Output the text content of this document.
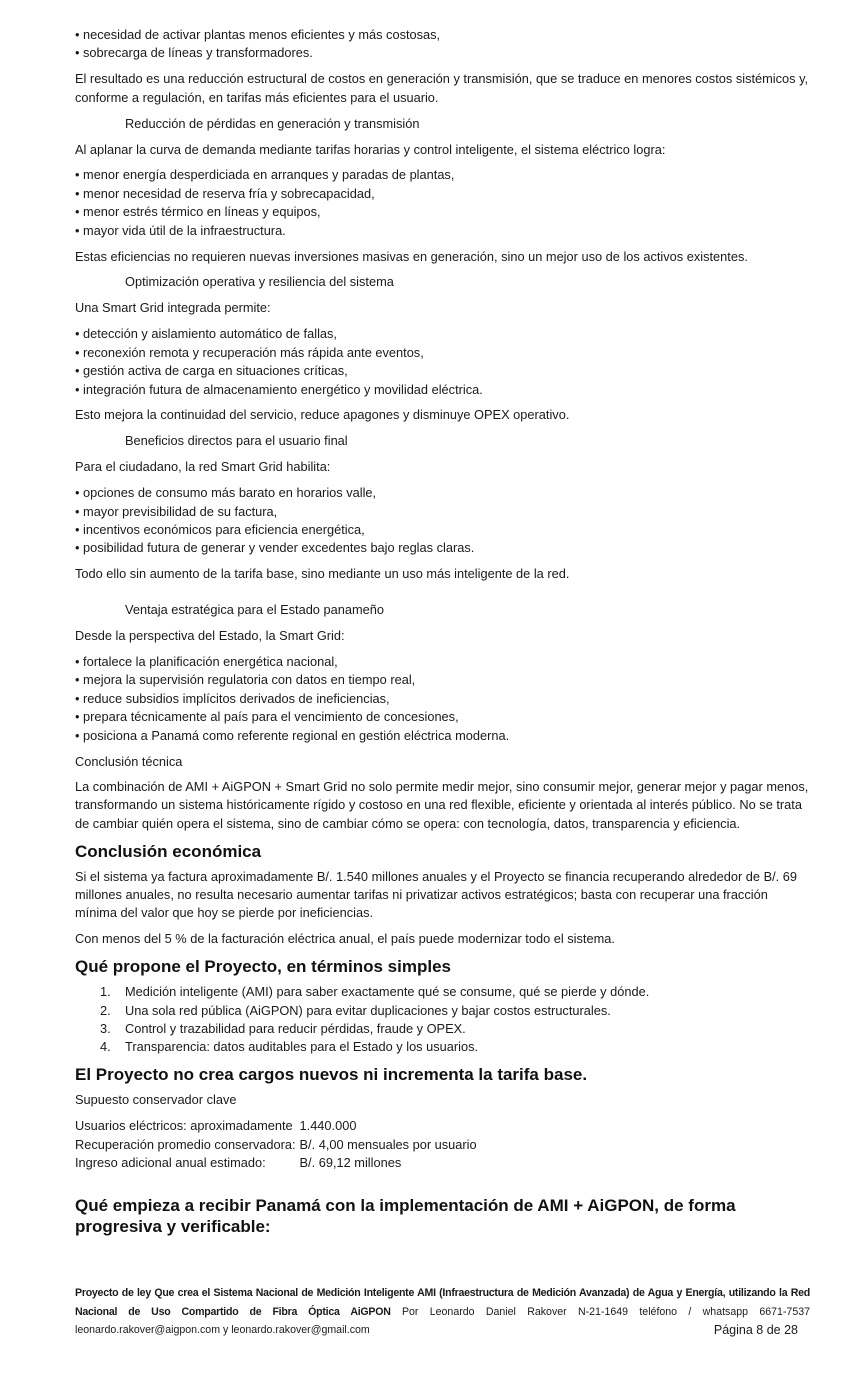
• necesidad de activar plantas menos eficientes y más costosas,
• sobrecarga de líneas y transformadores.

El resultado es una reducción estructural de costos en generación y transmisión, que se traduce en menores costos sistémicos y, conforme a regulación, en tarifas más eficientes para el usuario.

Reducción de pérdidas en generación y transmisión

Al aplanar la curva de demanda mediante tarifas horarias y control inteligente, el sistema eléctrico logra:

• menor energía desperdiciada en arranques y paradas de plantas,
• menor necesidad de reserva fría y sobrecapacidad,
• menor estrés térmico en líneas y equipos,
• mayor vida útil de la infraestructura.

Estas eficiencias no requieren nuevas inversiones masivas en generación, sino un mejor uso de los activos existentes.

Optimización operativa y resiliencia del sistema

Una Smart Grid integrada permite:

• detección y aislamiento automático de fallas,
• reconexión remota y recuperación más rápida ante eventos,
• gestión activa de carga en situaciones críticas,
• integración futura de almacenamiento energético y movilidad eléctrica.

Esto mejora la continuidad del servicio, reduce apagones y disminuye OPEX operativo.

Beneficios directos para el usuario final

Para el ciudadano, la red Smart Grid habilita:

• opciones de consumo más barato en horarios valle,
• mayor previsibilidad de su factura,
• incentivos económicos para eficiencia energética,
• posibilidad futura de generar y vender excedentes bajo reglas claras.

Todo ello sin aumento de la tarifa base, sino mediante un uso más inteligente de la red.

Ventaja estratégica para el Estado panameño

Desde la perspectiva del Estado, la Smart Grid:

• fortalece la planificación energética nacional,
• mejora la supervisión regulatoria con datos en tiempo real,
• reduce subsidios implícitos derivados de ineficiencias,
• prepara técnicamente al país para el vencimiento de concesiones,
• posiciona a Panamá como referente regional en gestión eléctrica moderna.
Conclusión técnica

La combinación de AMI + AiGPON + Smart Grid no solo permite medir mejor, sino consumir mejor, generar mejor y pagar menos, transformando un sistema históricamente rígido y costoso en una red flexible, eficiente y orientada al interés público. No se trata de cambiar quién opera el sistema, sino de cambiar cómo se opera: con tecnología, datos, transparencia y eficiencia.

Conclusión económica

Si el sistema ya factura aproximadamente B/. 1.540 millones anuales y el Proyecto se financia recuperando alrededor de B/. 69 millones anuales, no resulta necesario aumentar tarifas ni privatizar activos estratégicos; basta con recuperar una fracción mínima del valor que hoy se pierde por ineficiencias.

Con menos del 5 % de la facturación eléctrica anual, el país puede modernizar todo el sistema.

Qué propone el Proyecto, en términos simples
1. Medición inteligente (AMI) para saber exactamente qué se consume, qué se pierde y dónde.
2. Una sola red pública (AiGPON) para evitar duplicaciones y bajar costos estructurales.
3. Control y trazabilidad para reducir pérdidas, fraude y OPEX.
4. Transparencia: datos auditables para el Estado y los usuarios.
El Proyecto no crea cargos nuevos ni incrementa la tarifa base.

Supuesto conservador clave

Usuarios eléctricos: aproximadamente	1.440.000
Recuperación promedio conservadora:	B/. 4,00 mensuales por usuario
Ingreso adicional anual estimado:	B/. 69,12 millones
Qué empieza a recibir Panamá con la implementación de AMI + AiGPON, de forma progresiva y verificable:
Proyecto de ley Que crea el Sistema Nacional de Medición Inteligente AMI (Infraestructura de Medición Avanzada) de Agua y Energía, utilizando la Red Nacional de Uso Compartido de Fibra Óptica AiGPON Por Leonardo Daniel Rakover N-21-1649 teléfono / whatsapp 6671-7537
leonardo.rakover@aigpon.com y leonardo.rakover@gmail.com	Página 8 de 28
